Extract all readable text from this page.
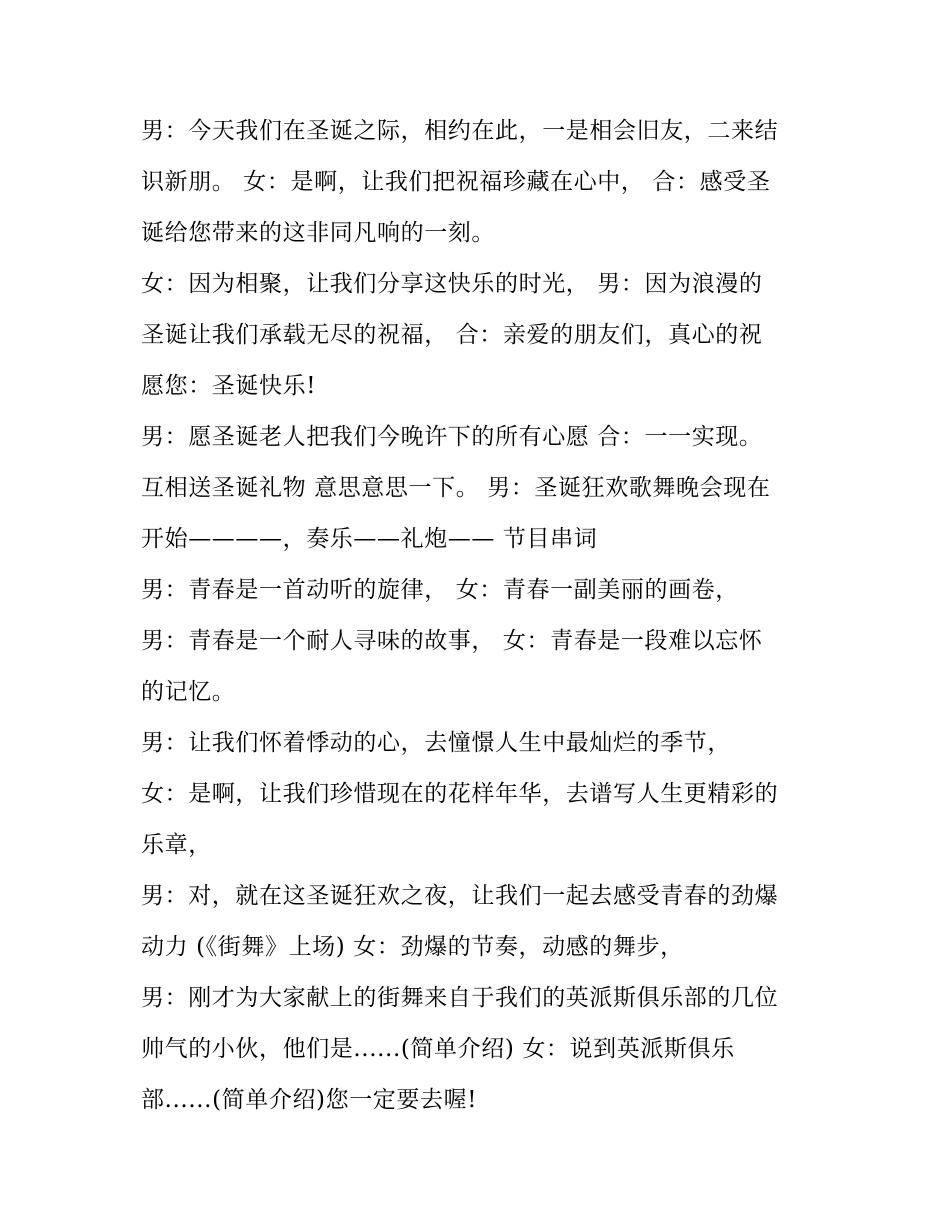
男：今天我们在圣诞之际，相约在此，一是相会旧友，二来结
识新朋。 女：是啊，让我们把祝福珍藏在心中， 合：感受圣
诞给您带来的这非同凡响的一刻。
女：因为相聚，让我们分享这快乐的时光， 男：因为浪漫的
圣诞让我们承载无尽的祝福， 合：亲爱的朋友们，真心的祝
愿您：圣诞快乐!
男：愿圣诞老人把我们今晚许下的所有心愿 合：一一实现。
互相送圣诞礼物 意思意思一下。 男：圣诞狂欢歌舞晚会现在
开始————，奏乐——礼炮—— 节目串词
男：青春是一首动听的旋律， 女：青春一副美丽的画卷，
男：青春是一个耐人寻味的故事， 女：青春是一段难以忘怀
的记忆。
男：让我们怀着悸动的心，去憧憬人生中最灿烂的季节，
女：是啊，让我们珍惜现在的花样年华，去谱写人生更精彩的
乐章，
男：对，就在这圣诞狂欢之夜，让我们一起去感受青春的劲爆
动力 (《街舞》上场) 女：劲爆的节奏，动感的舞步，
男：刚才为大家献上的街舞来自于我们的英派斯俱乐部的几位
帅气的小伙，他们是......(简单介绍) 女：说到英派斯俱乐
部......(简单介绍)您一定要去喔!
